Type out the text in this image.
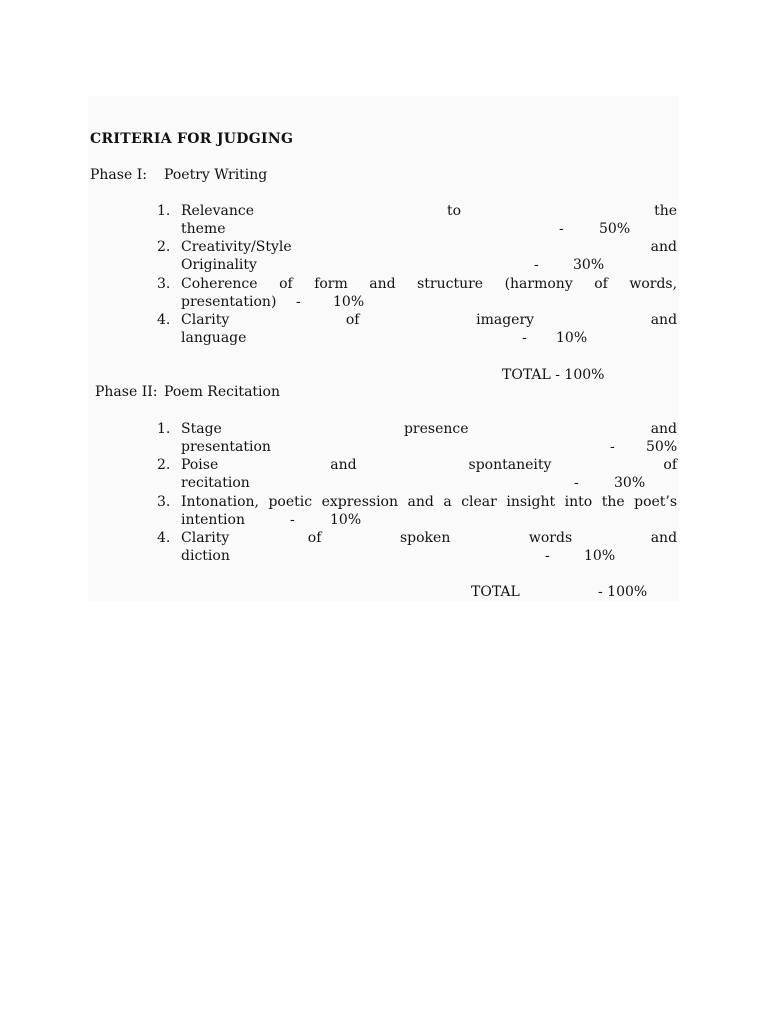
CRITERIA FOR JUDGING
Phase I: Poetry Writing
1. Relevance	to	the
theme	-	50%
2. Creativity/Style	and
Originality	- 30%
3. Coherence of form and structure (harmony of words,
presentation) - 10%
4. Clarity	of	imagery	and
language	- 10%
TOTAL - 100%
Phase II: Poem Recitation
1. Stage	presence	and
presentation	- 50%
2. Poise	and	spontaneity	of
recitation	-	30%
3. Intonation, poetic expression and a clear insight into the poet’s
intention	-	10%
4. Clarity	of	spoken	words	and
diction	- 10%
TOTAL	- 100%
